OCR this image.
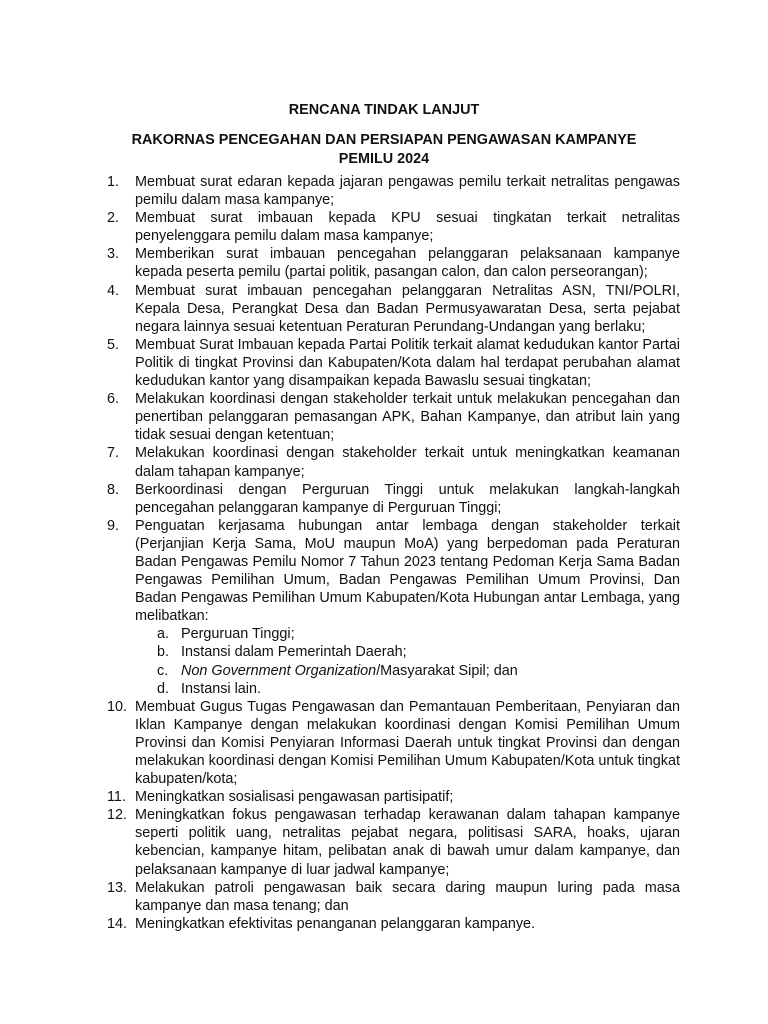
RENCANA TINDAK LANJUT
RAKORNAS PENCEGAHAN DAN PERSIAPAN PENGAWASAN KAMPANYE PEMILU 2024
1.	Membuat surat edaran kepada jajaran pengawas pemilu terkait netralitas pengawas pemilu dalam masa kampanye;
2.	Membuat surat imbauan kepada KPU sesuai tingkatan terkait netralitas penyelenggara pemilu dalam masa kampanye;
3.	Memberikan surat imbauan pencegahan pelanggaran pelaksanaan kampanye kepada peserta pemilu (partai politik, pasangan calon, dan calon perseorangan);
4.	Membuat surat imbauan pencegahan pelanggaran Netralitas ASN, TNI/POLRI, Kepala Desa, Perangkat Desa dan Badan Permusyawaratan Desa, serta pejabat negara lainnya sesuai ketentuan Peraturan Perundang-Undangan yang berlaku;
5.	Membuat Surat Imbauan kepada Partai Politik terkait alamat kedudukan kantor Partai Politik di tingkat Provinsi dan Kabupaten/Kota dalam hal terdapat perubahan alamat kedudukan kantor yang disampaikan kepada Bawaslu sesuai tingkatan;
6.	Melakukan koordinasi dengan stakeholder terkait untuk melakukan pencegahan dan penertiban pelanggaran pemasangan APK, Bahan Kampanye, dan atribut lain yang tidak sesuai dengan ketentuan;
7.	Melakukan koordinasi dengan stakeholder terkait untuk meningkatkan keamanan dalam tahapan kampanye;
8.	Berkoordinasi dengan Perguruan Tinggi untuk melakukan langkah-langkah pencegahan pelanggaran kampanye di Perguruan Tinggi;
9.	Penguatan kerjasama hubungan antar lembaga dengan stakeholder terkait (Perjanjian Kerja Sama, MoU maupun MoA) yang berpedoman pada Peraturan Badan Pengawas Pemilu Nomor 7 Tahun 2023 tentang Pedoman Kerja Sama Badan Pengawas Pemilihan Umum, Badan Pengawas Pemilihan Umum Provinsi, Dan Badan Pengawas Pemilihan Umum Kabupaten/Kota Hubungan antar Lembaga, yang melibatkan:
a. Perguruan Tinggi;
b. Instansi dalam Pemerintah Daerah;
c. Non Government Organization/Masyarakat Sipil; dan
d. Instansi lain.
10. Membuat Gugus Tugas Pengawasan dan Pemantauan Pemberitaan, Penyiaran dan Iklan Kampanye dengan melakukan koordinasi dengan Komisi Pemilihan Umum Provinsi dan Komisi Penyiaran Informasi Daerah untuk tingkat Provinsi dan dengan melakukan koordinasi dengan Komisi Pemilihan Umum Kabupaten/Kota untuk tingkat kabupaten/kota;
11. Meningkatkan sosialisasi pengawasan partisipatif;
12. Meningkatkan fokus pengawasan terhadap kerawanan dalam tahapan kampanye seperti politik uang, netralitas pejabat negara, politisasi SARA, hoaks, ujaran kebencian, kampanye hitam, pelibatan anak di bawah umur dalam kampanye, dan pelaksanaan kampanye di luar jadwal kampanye;
13. Melakukan patroli pengawasan baik secara daring maupun luring pada masa kampanye dan masa tenang; dan
14. Meningkatkan efektivitas penanganan pelanggaran kampanye.
